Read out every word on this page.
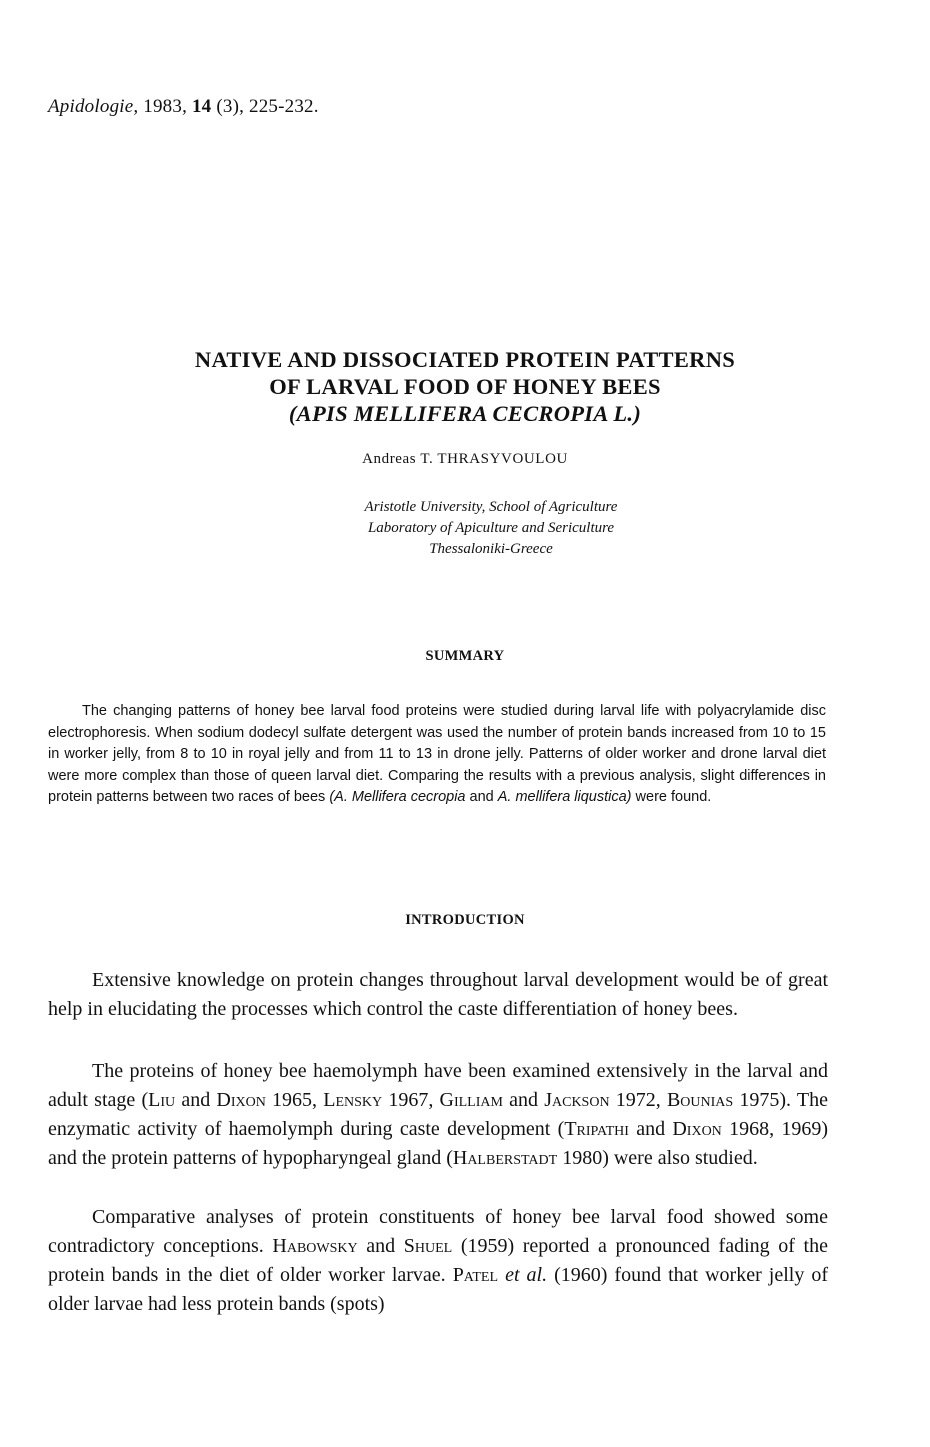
Apidologie, 1983, 14 (3), 225-232.
NATIVE AND DISSOCIATED PROTEIN PATTERNS
OF LARVAL FOOD OF HONEY BEES
(APIS MELLIFERA CECROPIA L.)
Andreas T. THRASYVOULOU
Aristotle University, School of Agriculture
Laboratory of Apiculture and Sericulture
Thessaloniki-Greece
SUMMARY

The changing patterns of honey bee larval food proteins were studied during larval life with polyacrylamide disc electrophoresis. When sodium dodecyl sulfate detergent was used the number of protein bands increased from 10 to 15 in worker jelly, from 8 to 10 in royal jelly and from 11 to 13 in drone jelly. Patterns of older worker and drone larval diet were more complex than those of queen larval diet. Comparing the results with a previous analysis, slight differences in protein patterns between two races of bees (A. Mellifera cecropia and A. mellifera liqustica) were found.

INTRODUCTION

Extensive knowledge on protein changes throughout larval development would be of great help in elucidating the processes which control the caste differentiation of honey bees.

The proteins of honey bee haemolymph have been examined extensively in the larval and adult stage (Liu and Dixon 1965, Lensky 1967, Gilliam and Jackson 1972, Bounias 1975). The enzymatic activity of haemolymph during caste development (Tripathi and Dixon 1968, 1969) and the protein patterns of hypopharyngeal gland (Halberstadt 1980) were also studied.

Comparative analyses of protein constituents of honey bee larval food showed some contradictory conceptions. Habowsky and Shuel (1959) reported a pronounced fading of the protein bands in the diet of older worker larvae. Patel et al. (1960) found that worker jelly of older larvae had less protein bands (spots)
